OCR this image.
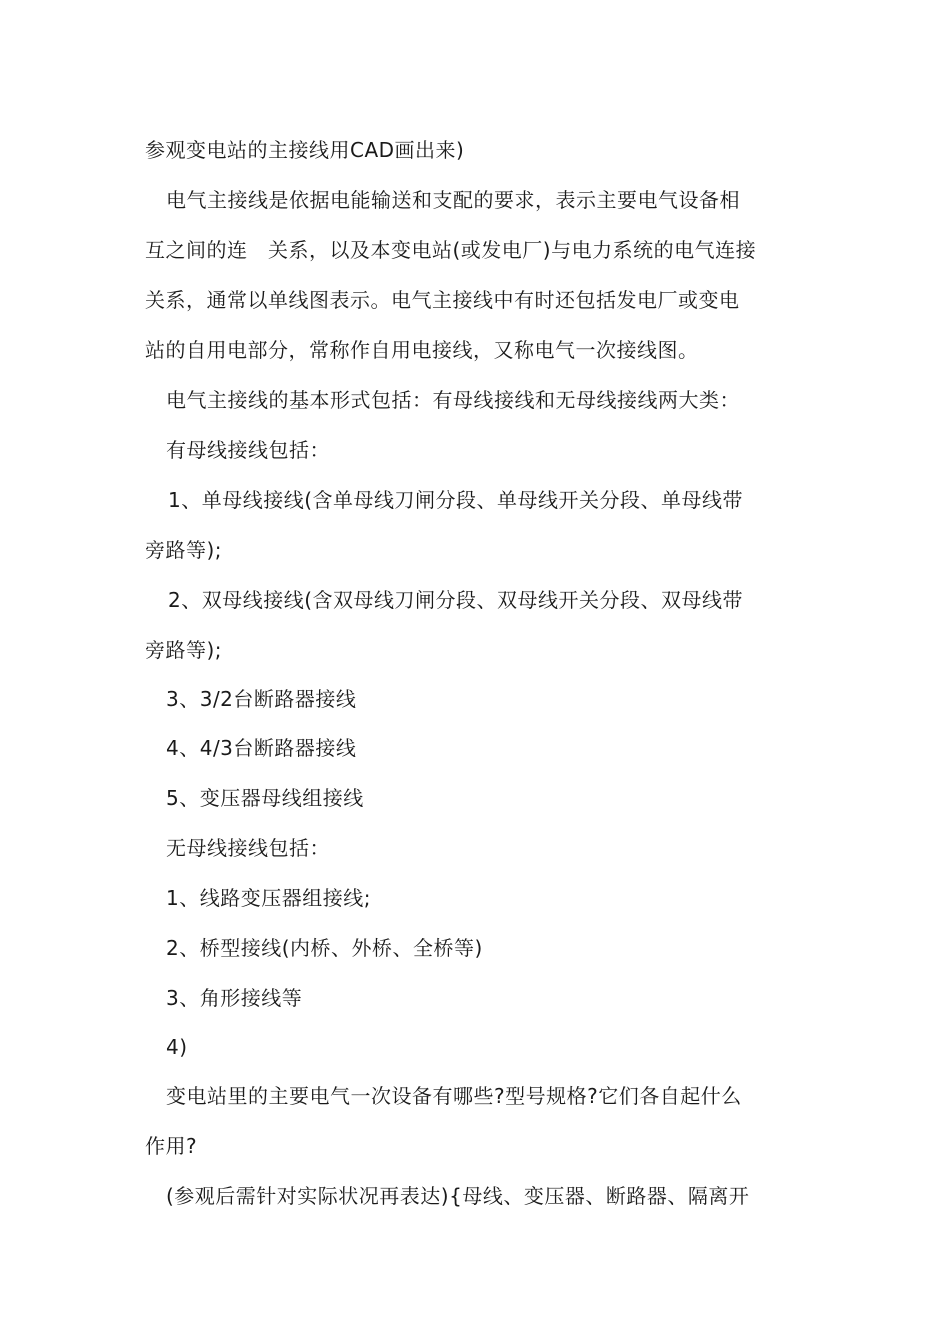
参观变电站的主接线用CAD画出来)
电气主接线是依据电能输送和支配的要求，表示主要电气设备相
互之间的连　关系，以及本变电站(或发电厂)与电力系统的电气连接
关系，通常以单线图表示。电气主接线中有时还包括发电厂或变电
站的自用电部分，常称作自用电接线，又称电气一次接线图。
电气主接线的基本形式包括：有母线接线和无母线接线两大类：
有母线接线包括：
1、单母线接线(含单母线刀闸分段、单母线开关分段、单母线带
旁路等);
2、双母线接线(含双母线刀闸分段、双母线开关分段、双母线带
旁路等);
3、3/2台断路器接线
4、4/3台断路器接线
5、变压器母线组接线
无母线接线包括：
1、线路变压器组接线;
2、桥型接线(内桥、外桥、全桥等)
3、角形接线等
4)
变电站里的主要电气一次设备有哪些?型号规格?它们各自起什么
作用?
(参观后需针对实际状况再表达){母线、变压器、断路器、隔离开
